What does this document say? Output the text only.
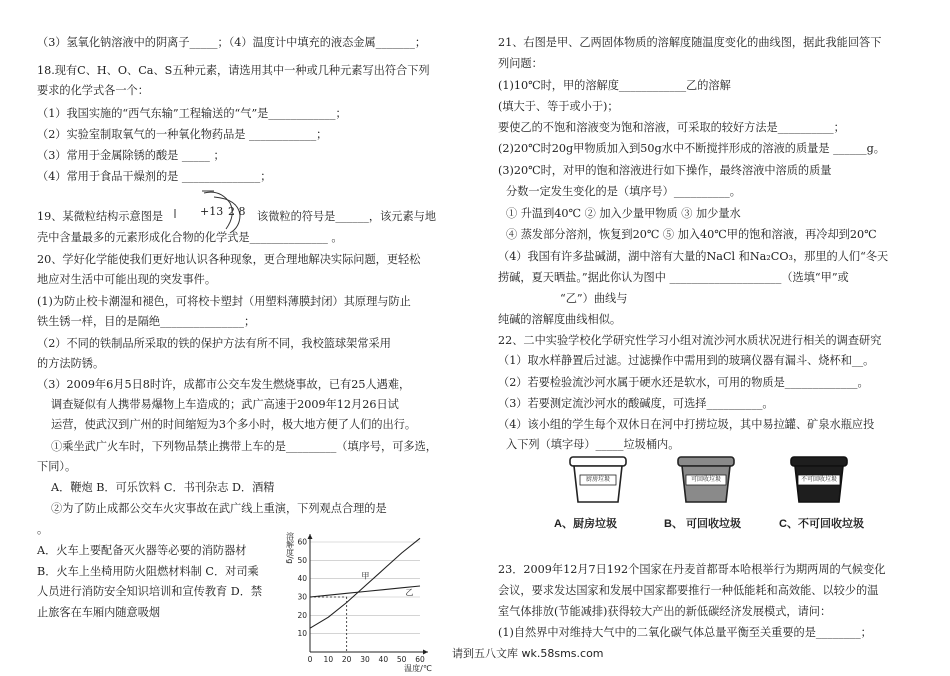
（3）氢氧化钠溶液中的阴离子_____；（4）温度计中填充的液态金属_______；
18.现有C、H、O、Ca、S五种元素，请选用其中一种或几种元素写出符合下列
要求的化学式各一个：
（1）我国实施的“西气东输”工程输送的“气”是____________；
（2）实验室制取氧气的一种氧化物药品是 ____________；
（3）常用于金属除锈的酸是 _____ ；
（4）常用于食品干燥剂的是 ______________；
19、某微粒结构示意图是	+13 2 8 该微粒的符号是______，该元素与地
壳中含量最多的元素形成化合物的化学式是______________ 。
20、学好化学能使我们更好地认识各种现象，更合理地解决实际问题，更轻松
地应对生活中可能出现的突发事件。
(1)为防止校卡潮湿和褪色，可将校卡塑封（用塑料薄膜封闭）其原理与防止
铁生锈一样，目的是隔绝_______________；
（2）不同的铁制品所采取的铁的保护方法有所不同，我校篮球架常采用
的方法防锈。
（3）2009年6月5日8时许，成都市公交车发生燃烧事故，已有25人遇难，
调查疑似有人携带易爆物上车造成的；武广高速于2009年12月26日试
运营，使武汉到广州的时间缩短为3个多小时，极大地方便了人们的出行。
①乘坐武广火车时，下列物品禁止携带上车的是_________（填序号，可多选，
下同）。
A．鞭炮 B．可乐饮料 C．书刊杂志 D．酒精
②为了防止成都公交车火灾事故在武广线上重演，下列观点合理的是
。
A．火车上要配备灭火器等必要的消防器材
B．火车上坐椅用防火阻燃材料制 C．对司乘
人员进行消防安全知识培训和宣传教育 D．禁
止旅客在车厢内随意吸烟
0 10 20 30 40 50 60
10
20
30
40
50
60
溶解度/g
温度/℃
甲
乙
21、右图是甲、乙两固体物质的溶解度随温度变化的曲线图，据此我能回答下
列问题：
(1)10℃时，甲的溶解度____________乙的溶解
(填大于、等于或小于)；
要使乙的不饱和溶液变为饱和溶液，可采取的较好方法是__________；
(2)20℃时20g甲物质加入到50g水中不断搅拌形成的溶液的质量是 ______g。
(3)20℃时，对甲的饱和溶液进行如下操作，最终溶液中溶质的质量
分数一定发生变化的是（填序号）__________。
① 升温到40℃ ② 加入少量甲物质 ③ 加少量水
④ 蒸发部分溶剂，恢复到20℃ ⑤ 加入40℃甲的饱和溶液，再冷却到20℃
（4）我国有许多盐碱湖，湖中溶有大量的NaCl 和Na₂CO₃，那里的人们“冬天
捞碱，夏天晒盐。”据此你认为图中 ____________________（选填“甲”或
“乙”）曲线与
纯碱的溶解度曲线相似。
22、二中实验学校化学研究性学习小组对流沙河水质状况进行相关的调查研究
（1）取水样静置后过滤。过滤操作中需用到的玻璃仪器有漏斗、烧杯和__。
（2）若要检验流沙河水属于硬水还是软水，可用的物质是_____________。
（3）若要测定流沙河水的酸碱度，可选择__________。
（4）该小组的学生每个双休日在河中打捞垃圾，其中易拉罐、矿泉水瓶应投
入下列（填字母）_____垃圾桶内。
厨房垃圾	可回收垃圾	不可回收垃圾
A、厨房垃圾	B、 可回收垃圾	C、不可回收垃圾
23．2009年12月7日192个国家在丹麦首都哥本哈根举行为期两周的气候变化
会议，要求发达国家和发展中国家都要推行一种低能耗和高效能、以较少的温
室气体排放(节能减排)获得较大产出的新低碳经济发展模式，请问：
(1)自然界中对维持大气中的二氧化碳气体总量平衡至关重要的是________；
请到五八文库 wk.58sms.com
